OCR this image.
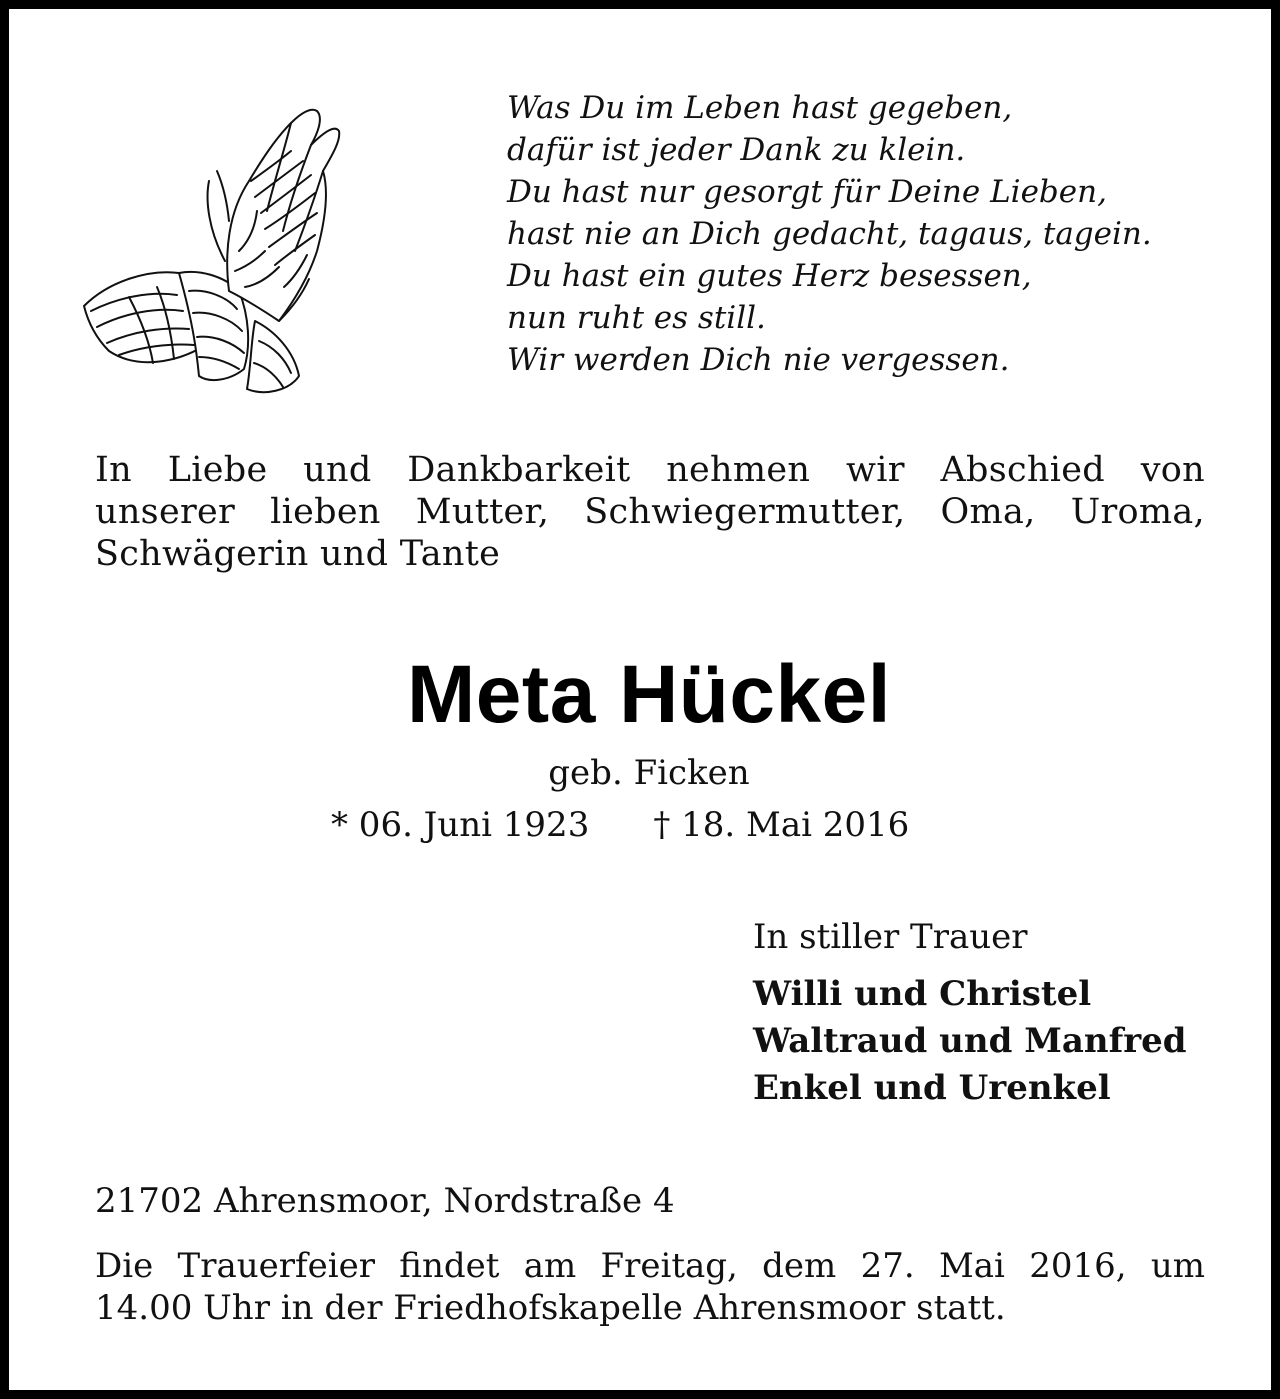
Was Du im Leben hast gegeben,
dafür ist jeder Dank zu klein.
Du hast nur gesorgt für Deine Lieben,
hast nie an Dich gedacht, tagaus, tagein.
Du hast ein gutes Herz besessen,
nun ruht es still.
Wir werden Dich nie vergessen.
In Liebe und Dankbarkeit nehmen wir Abschied von
unserer lieben Mutter, Schwiegermutter, Oma, Uroma,
Schwägerin und Tante
Meta Hückel
geb. Ficken
* 06. Juni 1923 † 18. Mai 2016
In stiller Trauer
Willi und Christel
Waltraud und Manfred
Enkel und Urenkel
21702 Ahrensmoor, Nordstraße 4
Die Trauerfeier findet am Freitag, dem 27. Mai 2016, um
14.00 Uhr in der Friedhofskapelle Ahrensmoor statt.
